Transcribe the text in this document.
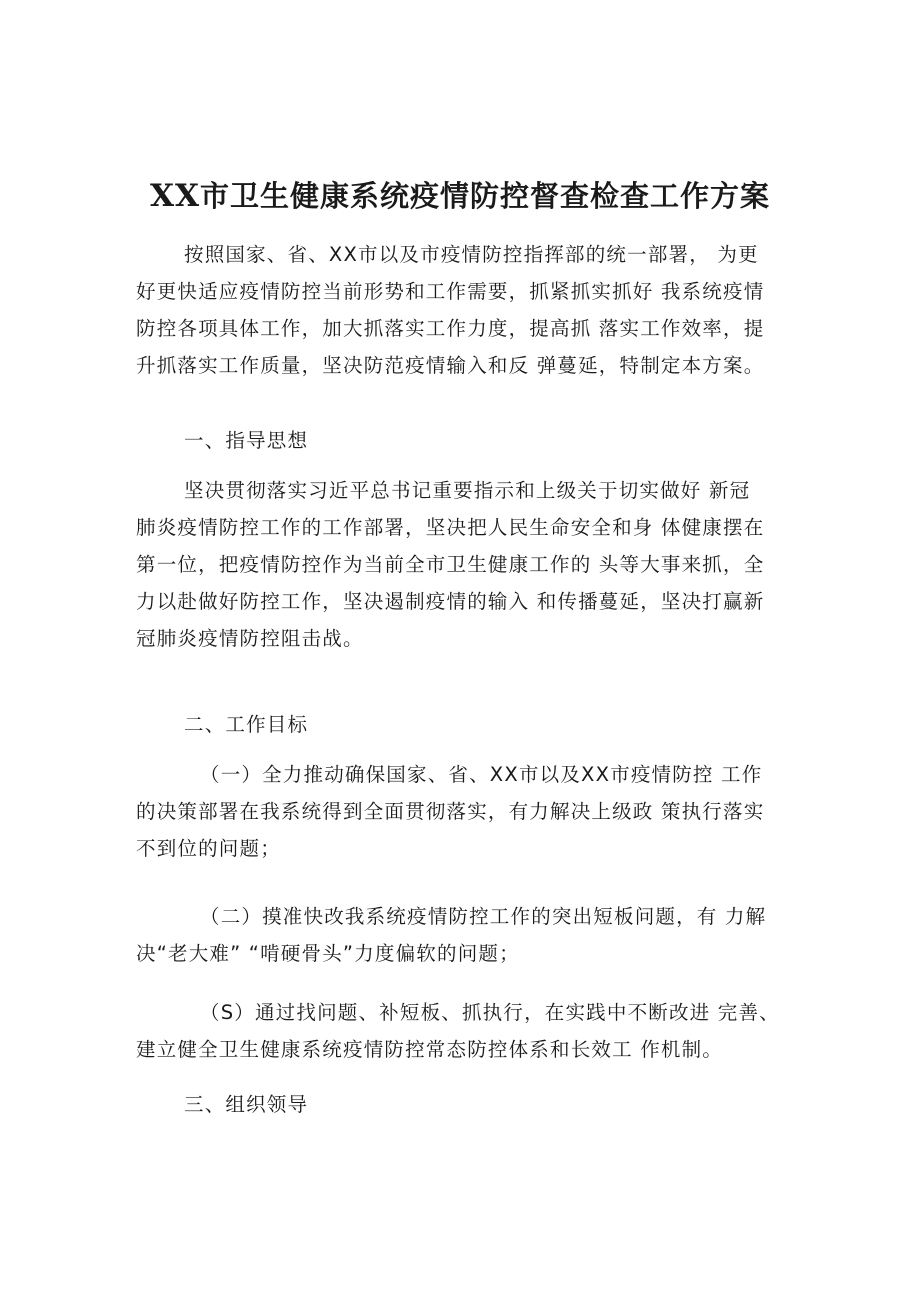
XX市卫生健康系统疫情防控督查检查工作方案
按照国家、省、XX市以及市疫情防控指挥部的统一部署， 为更
好更快适应疫情防控当前形势和工作需要，抓紧抓实抓好 我系统疫情
防控各项具体工作，加大抓落实工作力度，提高抓 落实工作效率，提
升抓落实工作质量，坚决防范疫情输入和反 弹蔓延，特制定本方案。
一、指导思想
坚决贯彻落实习近平总书记重要指示和上级关于切实做好 新冠
肺炎疫情防控工作的工作部署，坚决把人民生命安全和身 体健康摆在
第一位，把疫情防控作为当前全市卫生健康工作的 头等大事来抓，全
力以赴做好防控工作，坚决遏制疫情的输入 和传播蔓延，坚决打赢新
冠肺炎疫情防控阻击战。
二、工作目标
（一）全力推动确保国家、省、XX市以及XX市疫情防控 工作
的决策部署在我系统得到全面贯彻落实，有力解决上级政 策执行落实
不到位的问题；
（二）摸准快改我系统疫情防控工作的突出短板问题，有 力解
决“老大难” “啃硬骨头”力度偏软的问题；
（S）通过找问题、补短板、抓执行，在实践中不断改进 完善、
建立健全卫生健康系统疫情防控常态防控体系和长效工 作机制。
三、组织领导
